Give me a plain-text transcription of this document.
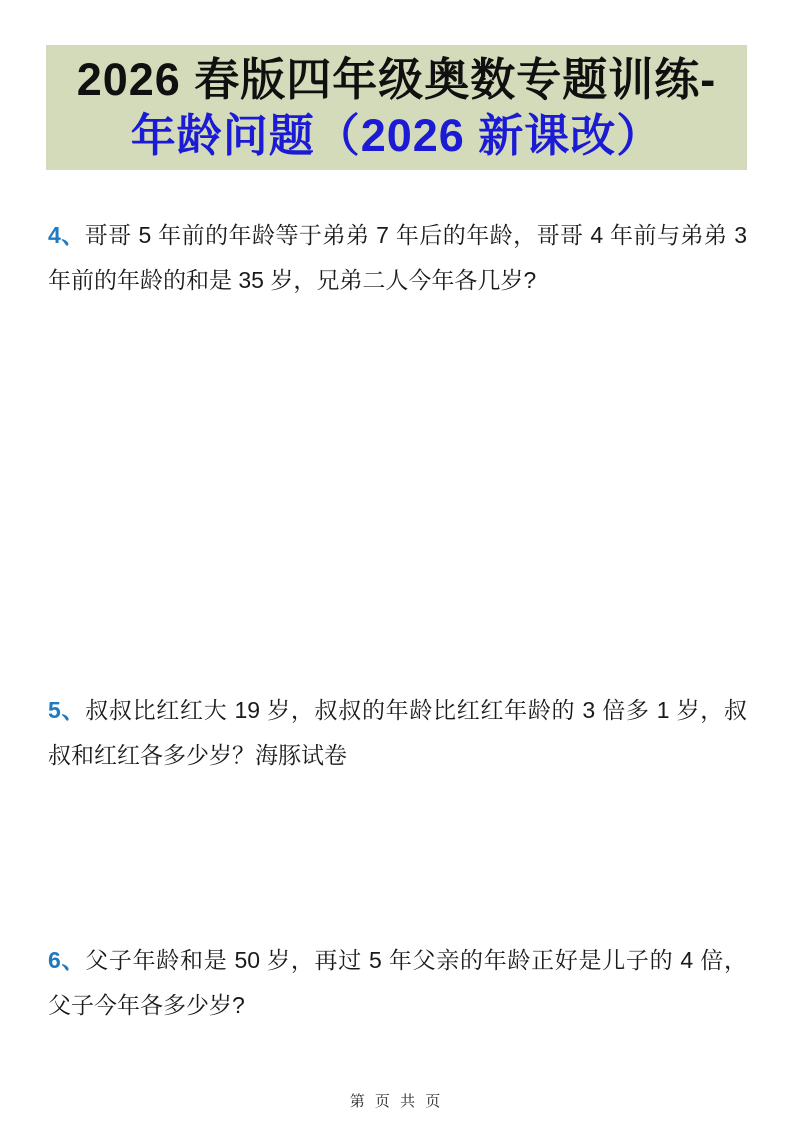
2026 春版四年级奥数专题训练-
年龄问题（2026 新课改）
4、哥哥 5 年前的年龄等于弟弟 7 年后的年龄，哥哥 4 年前与弟弟 3 年前的年龄的和是 35 岁，兄弟二人今年各几岁?
5、叔叔比红红大 19 岁，叔叔的年龄比红红年龄的 3 倍多 1 岁，叔叔和红红各多少岁？海豚试卷
6、父子年龄和是 50 岁，再过 5 年父亲的年龄正好是儿子的 4 倍，父子今年各多少岁?
第 页 共 页
